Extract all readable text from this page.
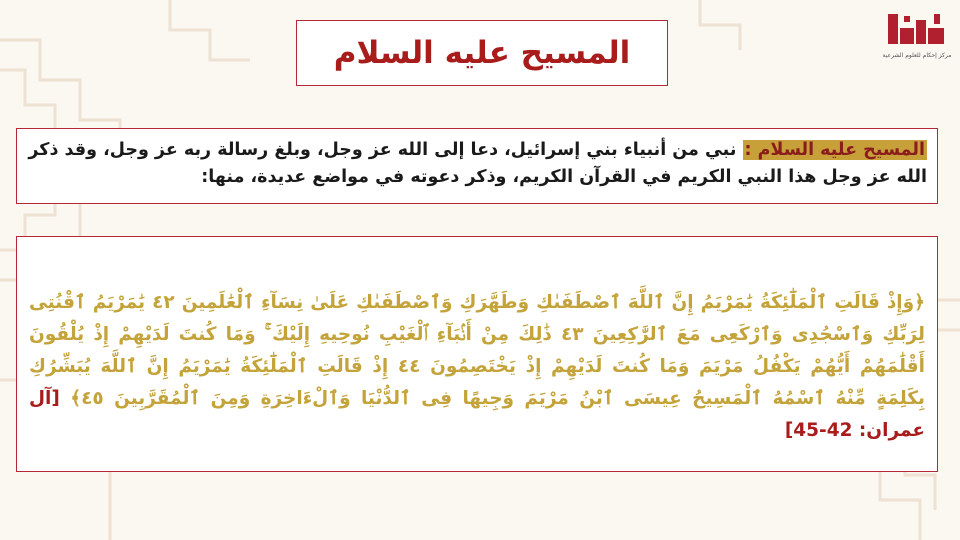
مركز إحكام للعلوم الشرعية
المسيح عليه السلام
المسيح عليه السلام : نبي من أنبياء بني إسرائيل، دعا إلى الله عز وجل، وبلغ رسالة ربه عز وجل، وقد ذكر الله عز وجل هذا النبي الكريم في القرآن الكريم، وذكر دعوته في مواضع عديدة، منها:
﴿وَإِذْ قَالَتِ ٱلْمَلَٰٓئِكَةُ يَٰمَرْيَمُ إِنَّ ٱللَّهَ ٱصْطَفَىٰكِ وَطَهَّرَكِ وَٱصْطَفَىٰكِ عَلَىٰ نِسَآءِ ٱلْعَٰلَمِينَ ٤٢ يَٰمَرْيَمُ ٱقْنُتِى لِرَبِّكِ وَٱسْجُدِى وَٱرْكَعِى مَعَ ٱلرَّٰكِعِينَ ٤٣ ذَٰلِكَ مِنْ أَنۢبَآءِ ٱلْغَيْبِ نُوحِيهِ إِلَيْكَ ۚ وَمَا كُنتَ لَدَيْهِمْ إِذْ يُلْقُونَ أَقْلَٰمَهُمْ أَيُّهُمْ يَكْفُلُ مَرْيَمَ وَمَا كُنتَ لَدَيْهِمْ إِذْ يَخْتَصِمُونَ ٤٤ إِذْ قَالَتِ ٱلْمَلَٰٓئِكَةُ يَٰمَرْيَمُ إِنَّ ٱللَّهَ يُبَشِّرُكِ بِكَلِمَةٍ مِّنْهُ ٱسْمُهُ ٱلْمَسِيحُ عِيسَى ٱبْنُ مَرْيَمَ وَجِيهًا فِى ٱلدُّنْيَا وَٱلْءَاخِرَةِ وَمِنَ ٱلْمُقَرَّبِينَ ٤٥﴾ [آل عمران: 42-45]
